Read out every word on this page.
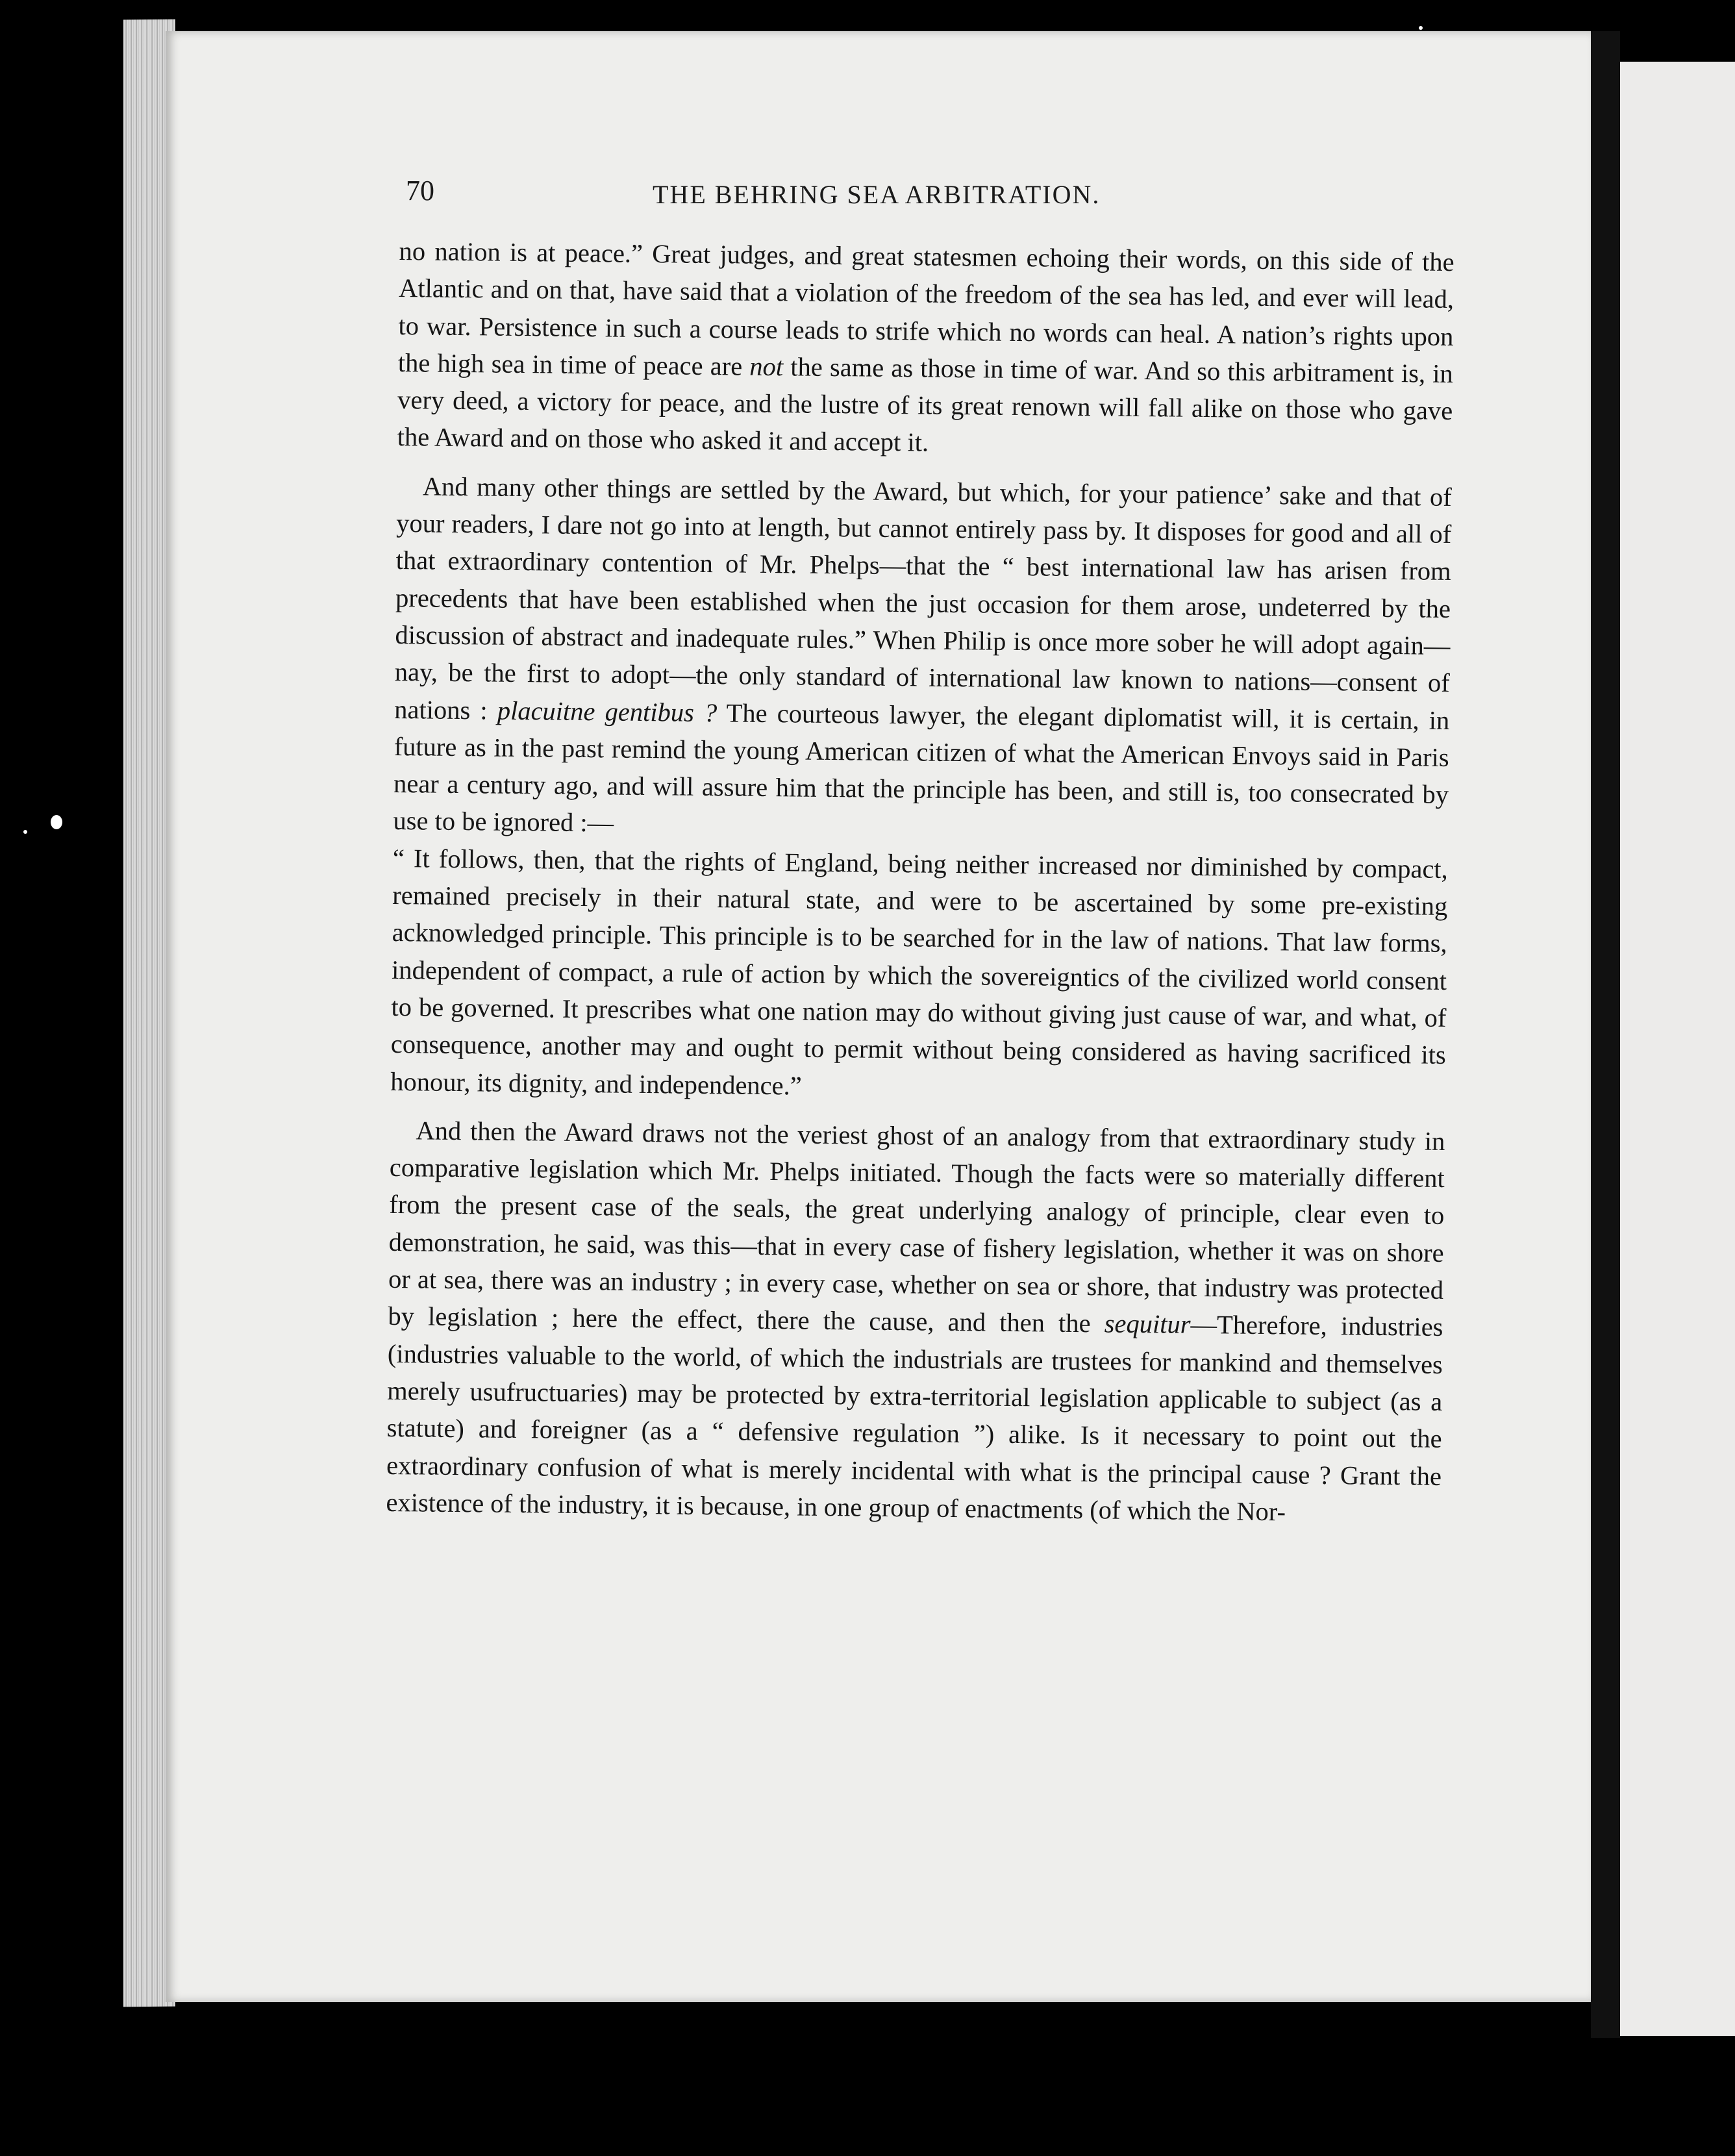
70	THE BEHRING SEA ARBITRATION.

no nation is at peace.” Great judges, and great statesmen echoing their words, on this side of the Atlantic and on that, have said that a violation of the freedom of the sea has led, and ever will lead, to war. Persistence in such a course leads to strife which no words can heal. A nation’s rights upon the high sea in time of peace are not the same as those in time of war. And so this arbitrament is, in very deed, a victory for peace, and the lustre of its great renown will fall alike on those who gave the Award and on those who asked it and accept it.

And many other things are settled by the Award, but which, for your patience’ sake and that of your readers, I dare not go into at length, but cannot entirely pass by. It disposes for good and all of that extraordinary contention of Mr. Phelps—that the “ best international law has arisen from precedents that have been established when the just occasion for them arose, undeterred by the discussion of abstract and inadequate rules.” When Philip is once more sober he will adopt again—nay, be the first to adopt—the only standard of international law known to nations—consent of nations : placuitne gentibus ? The courteous lawyer, the elegant diplomatist will, it is certain, in future as in the past remind the young American citizen of what the American Envoys said in Paris near a century ago, and will assure him that the principle has been, and still is, too consecrated by use to be ignored :—

“ It follows, then, that the rights of England, being neither increased nor diminished by compact, remained precisely in their natural state, and were to be ascertained by some pre-existing acknowledged principle. This principle is to be searched for in the law of nations. That law forms, independent of compact, a rule of action by which the sovereigntics of the civilized world consent to be governed. It prescribes what one nation may do without giving just cause of war, and what, of consequence, another may and ought to permit without being considered as having sacrificed its honour, its dignity, and independence.”

And then the Award draws not the veriest ghost of an analogy from that extraordinary study in comparative legislation which Mr. Phelps initiated. Though the facts were so materially different from the present case of the seals, the great underlying analogy of principle, clear even to demonstration, he said, was this—that in every case of fishery legislation, whether it was on shore or at sea, there was an industry ; in every case, whether on sea or shore, that industry was protected by legislation ; here the effect, there the cause, and then the sequitur—Therefore, industries (industries valuable to the world, of which the industrials are trustees for mankind and themselves merely usufructuaries) may be protected by extra-territorial legislation applicable to subject (as a statute) and foreigner (as a “ defensive regulation ”) alike. Is it necessary to point out the extraordinary confusion of what is merely incidental with what is the principal cause ? Grant the existence of the industry, it is because, in one group of enactments (of which the Nor-
